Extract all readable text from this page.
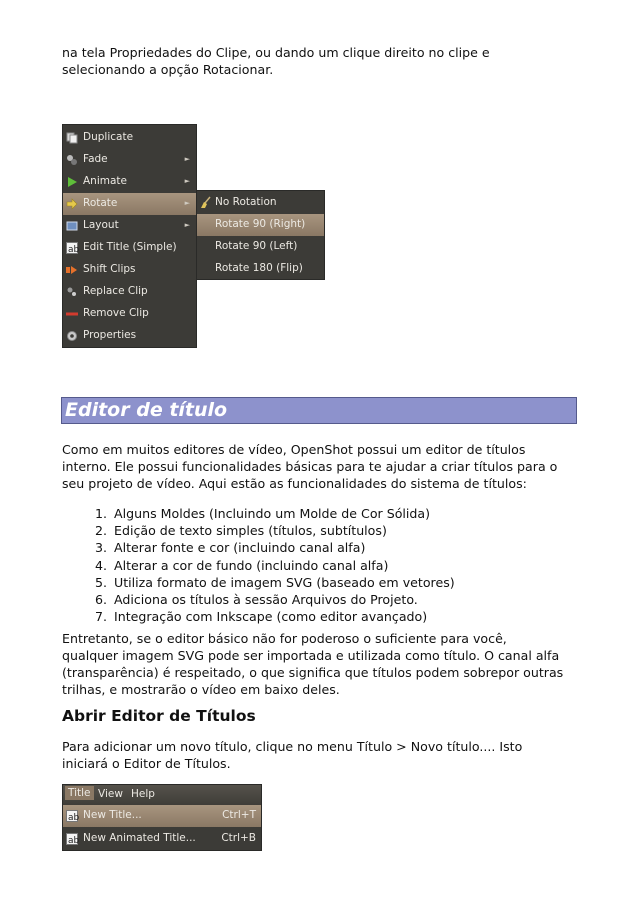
na tela Propriedades do Clipe, ou dando um clique direito no clipe e
selecionando a opção Rotacionar.

Duplicate
Fade	►
Animate	►
Rotate	►
Layout	►
ab Edit Title (Simple)
Shift Clips
Replace Clip
Remove Clip
Properties
No Rotation
Rotate 90 (Right)
Rotate 90 (Left)
Rotate 180 (Flip)
Editor de título

Como em muitos editores de vídeo, OpenShot possui um editor de títulos
interno. Ele possui funcionalidades básicas para te ajudar a criar títulos para o
seu projeto de vídeo. Aqui estão as funcionalidades do sistema de títulos:

1. Alguns Moldes (Incluindo um Molde de Cor Sólida)
2. Edição de texto simples (títulos, subtítulos)
3. Alterar fonte e cor (incluindo canal alfa)
4. Alterar a cor de fundo (incluindo canal alfa)
5. Utiliza formato de imagem SVG (baseado em vetores)
6. Adiciona os títulos à sessão Arquivos do Projeto.
7. Integração com Inkscape (como editor avançado)

Entretanto, se o editor básico não for poderoso o suficiente para você,
qualquer imagem SVG pode ser importada e utilizada como título. O canal alfa
(transparência) é respeitado, o que significa que títulos podem sobrepor outras
trilhas, e mostrarão o vídeo em baixo deles.

Abrir Editor de Títulos

Para adicionar um novo título, clique no menu Título > Novo título.... Isto
iniciará o Editor de Títulos.

Title View Help
ab New Title...	Ctrl+T
ab New Animated Title... Ctrl+B
